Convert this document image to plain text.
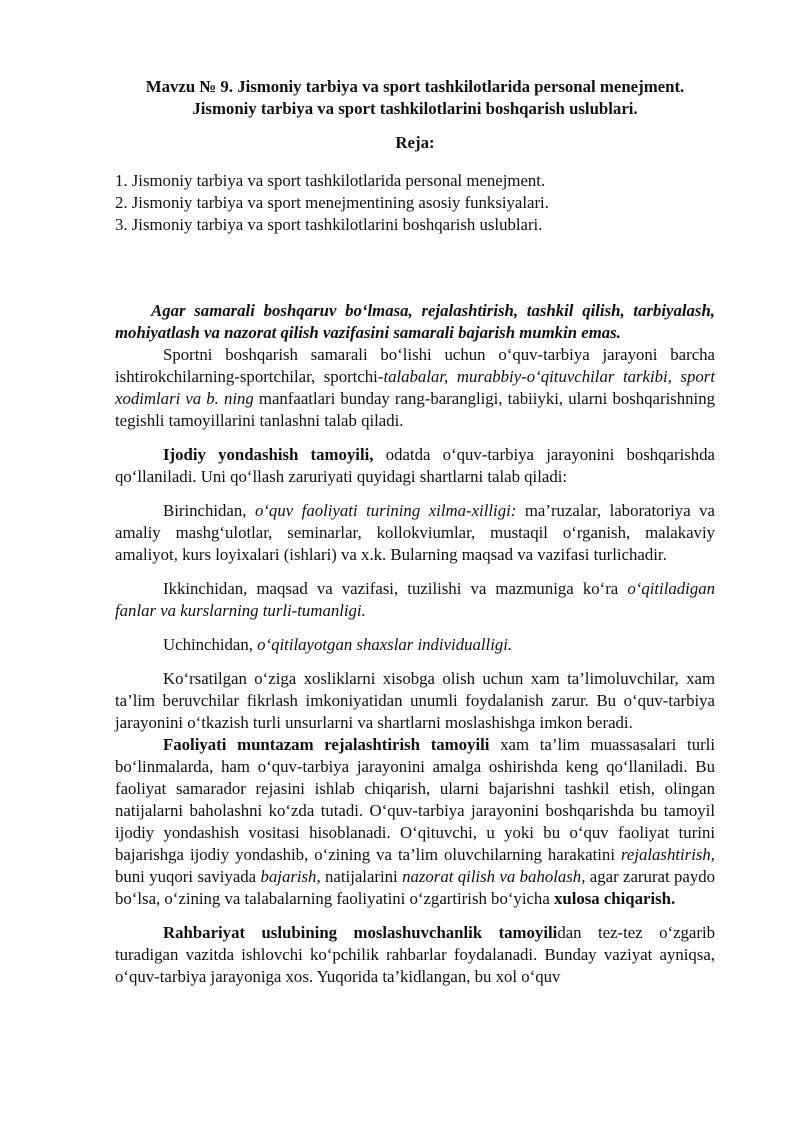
Mavzu № 9. Jismoniy tarbiya va sport tashkilotlarida personal menejment.
Jismoniy tarbiya va sport tashkilotlarini boshqarish uslublari.
Reja:
1. Jismoniy tarbiya va sport tashkilotlarida personal menejment.
2. Jismoniy tarbiya va sport menejmentining asosiy funksiyalari.
3. Jismoniy tarbiya va sport tashkilotlarini boshqarish uslublari.

Agar samarali boshqaruv bo‘lmasa, rejalashtirish, tashkil qilish, tarbiyalash, mohiyatlash va nazorat qilish vazifasini samarali bajarish mumkin emas.

Sportni boshqarish samarali bo‘lishi uchun o‘quv-tarbiya jarayoni barcha ishtirokchilarning-sportchilar, sportchi-talabalar, murabbiy-o‘qituvchilar tarkibi, sport xodimlari va b. ning manfaatlari bunday rang-barangligi, tabiiyki, ularni boshqarishning tegishli tamoyillarini tanlashni talab qiladi.

Ijodiy yondashish tamoyili, odatda o‘quv-tarbiya jarayonini boshqarishda qo‘llaniladi. Uni qo‘llash zaruriyati quyidagi shartlarni talab qiladi:

Birinchidan, o‘quv faoliyati turining xilma-xilligi: ma’ruzalar, laboratoriya va amaliy mashg‘ulotlar, seminarlar, kollokviumlar, mustaqil o‘rganish, malakaviy amaliyot, kurs loyixalari (ishlari) va x.k. Bularning maqsad va vazifasi turlichadir.

Ikkinchidan, maqsad va vazifasi, tuzilishi va mazmuniga ko‘ra o‘qitiladigan fanlar va kurslarning turli-tumanligi.

Uchinchidan, o‘qitilayotgan shaxslar individualligi.

Ko‘rsatilgan o‘ziga xosliklarni xisobga olish uchun xam ta’limoluvchilar, xam ta’lim beruvchilar fikrlash imkoniyatidan unumli foydalanish zarur. Bu o‘quv-tarbiya jarayonini o‘tkazish turli unsurlarni va shartlarni moslashishga imkon beradi.

Faoliyati muntazam rejalashtirish tamoyili xam ta’lim muassasalari turli bo‘linmalarda, ham o‘quv-tarbiya jarayonini amalga oshirishda keng qo‘llaniladi. Bu faoliyat samarador rejasini ishlab chiqarish, ularni bajarishni tashkil etish, olingan natijalarni baholashni ko‘zda tutadi. O‘quv-tarbiya jarayonini boshqarishda bu tamoyil ijodiy yondashish vositasi hisoblanadi. O‘qituvchi, u yoki bu o‘quv faoliyat turini bajarishga ijodiy yondashib, o‘zining va ta’lim oluvchilarning harakatini rejalashtirish, buni yuqori saviyada bajarish, natijalarini nazorat qilish va baholash, agar zarurat paydo bo‘lsa, o‘zining va talabalarning faoliyatini o‘zgartirish bo‘yicha xulosa chiqarish.

Rahbariyat uslubining moslashuvchanlik tamoyilidan tez-tez o‘zgarib turadigan vazitda ishlovchi ko‘pchilik rahbarlar foydalanadi. Bunday vaziyat ayniqsa, o‘quv-tarbiya jarayoniga xos. Yuqorida ta’kidlangan, bu xol o‘quv
